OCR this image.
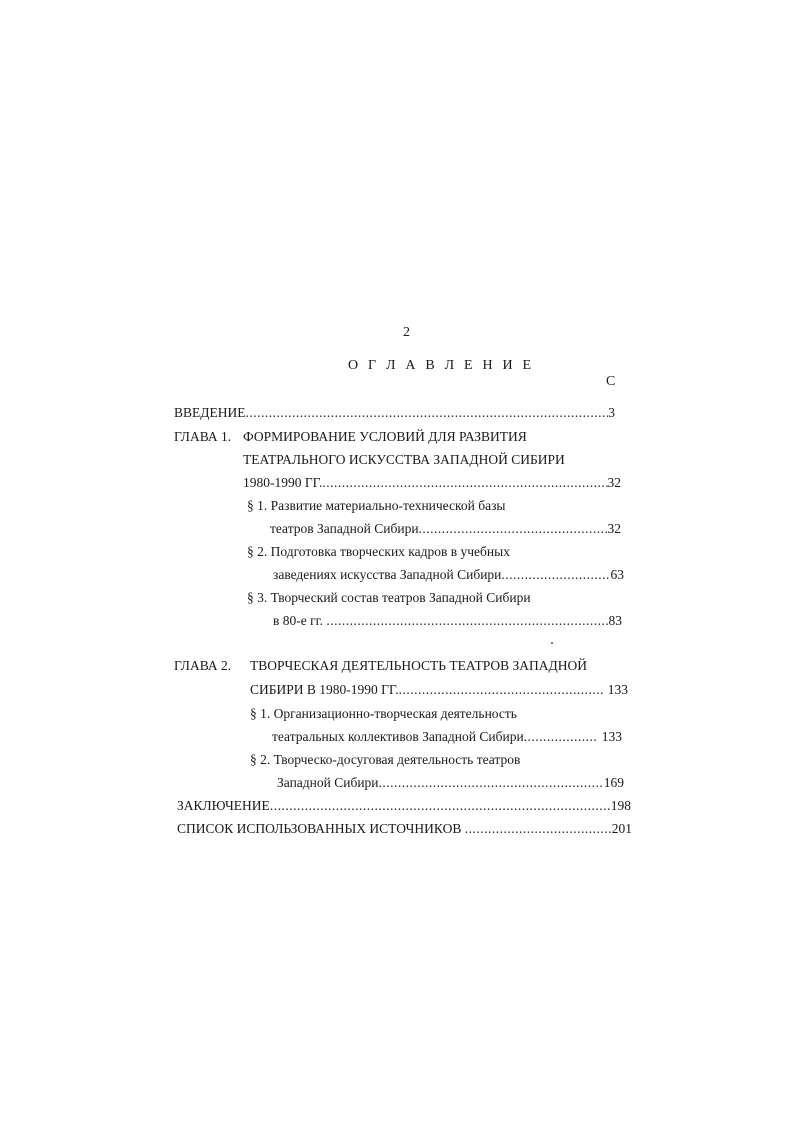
2
О Г Л А В Л Е Н И Е
С
ВВЕДЕНИЕ .....	3
ГЛАВА 1. ФОРМИРОВАНИЕ УСЛОВИЙ ДЛЯ РАЗВИТИЯ
ТЕАТРАЛЬНОГО ИСКУССТВА ЗАПАДНОЙ СИБИРИ
1980-1990 ГГ. .....	32
§ 1. Развитие материально-технической базы
театров Западной Сибири .....	32
§ 2. Подготовка творческих кадров в учебных
заведениях искусства Западной Сибири .....	63
§ 3. Творческий состав театров Западной Сибири
в 80-е гг. .....	83
ГЛАВА 2. ТВОРЧЕСКАЯ ДЕЯТЕЛЬНОСТЬ ТЕАТРОВ ЗАПАДНОЙ
СИБИРИ В 1980-1990 ГГ. .....	133
§ 1. Организационно-творческая деятельность
театральных коллективов Западной Сибири .....	133
§ 2. Творческо-досуговая деятельность театров
Западной Сибири .....	169
ЗАКЛЮЧЕНИЕ .....	198
СПИСОК ИСПОЛЬЗОВАННЫХ ИСТОЧНИКОВ .....	201
